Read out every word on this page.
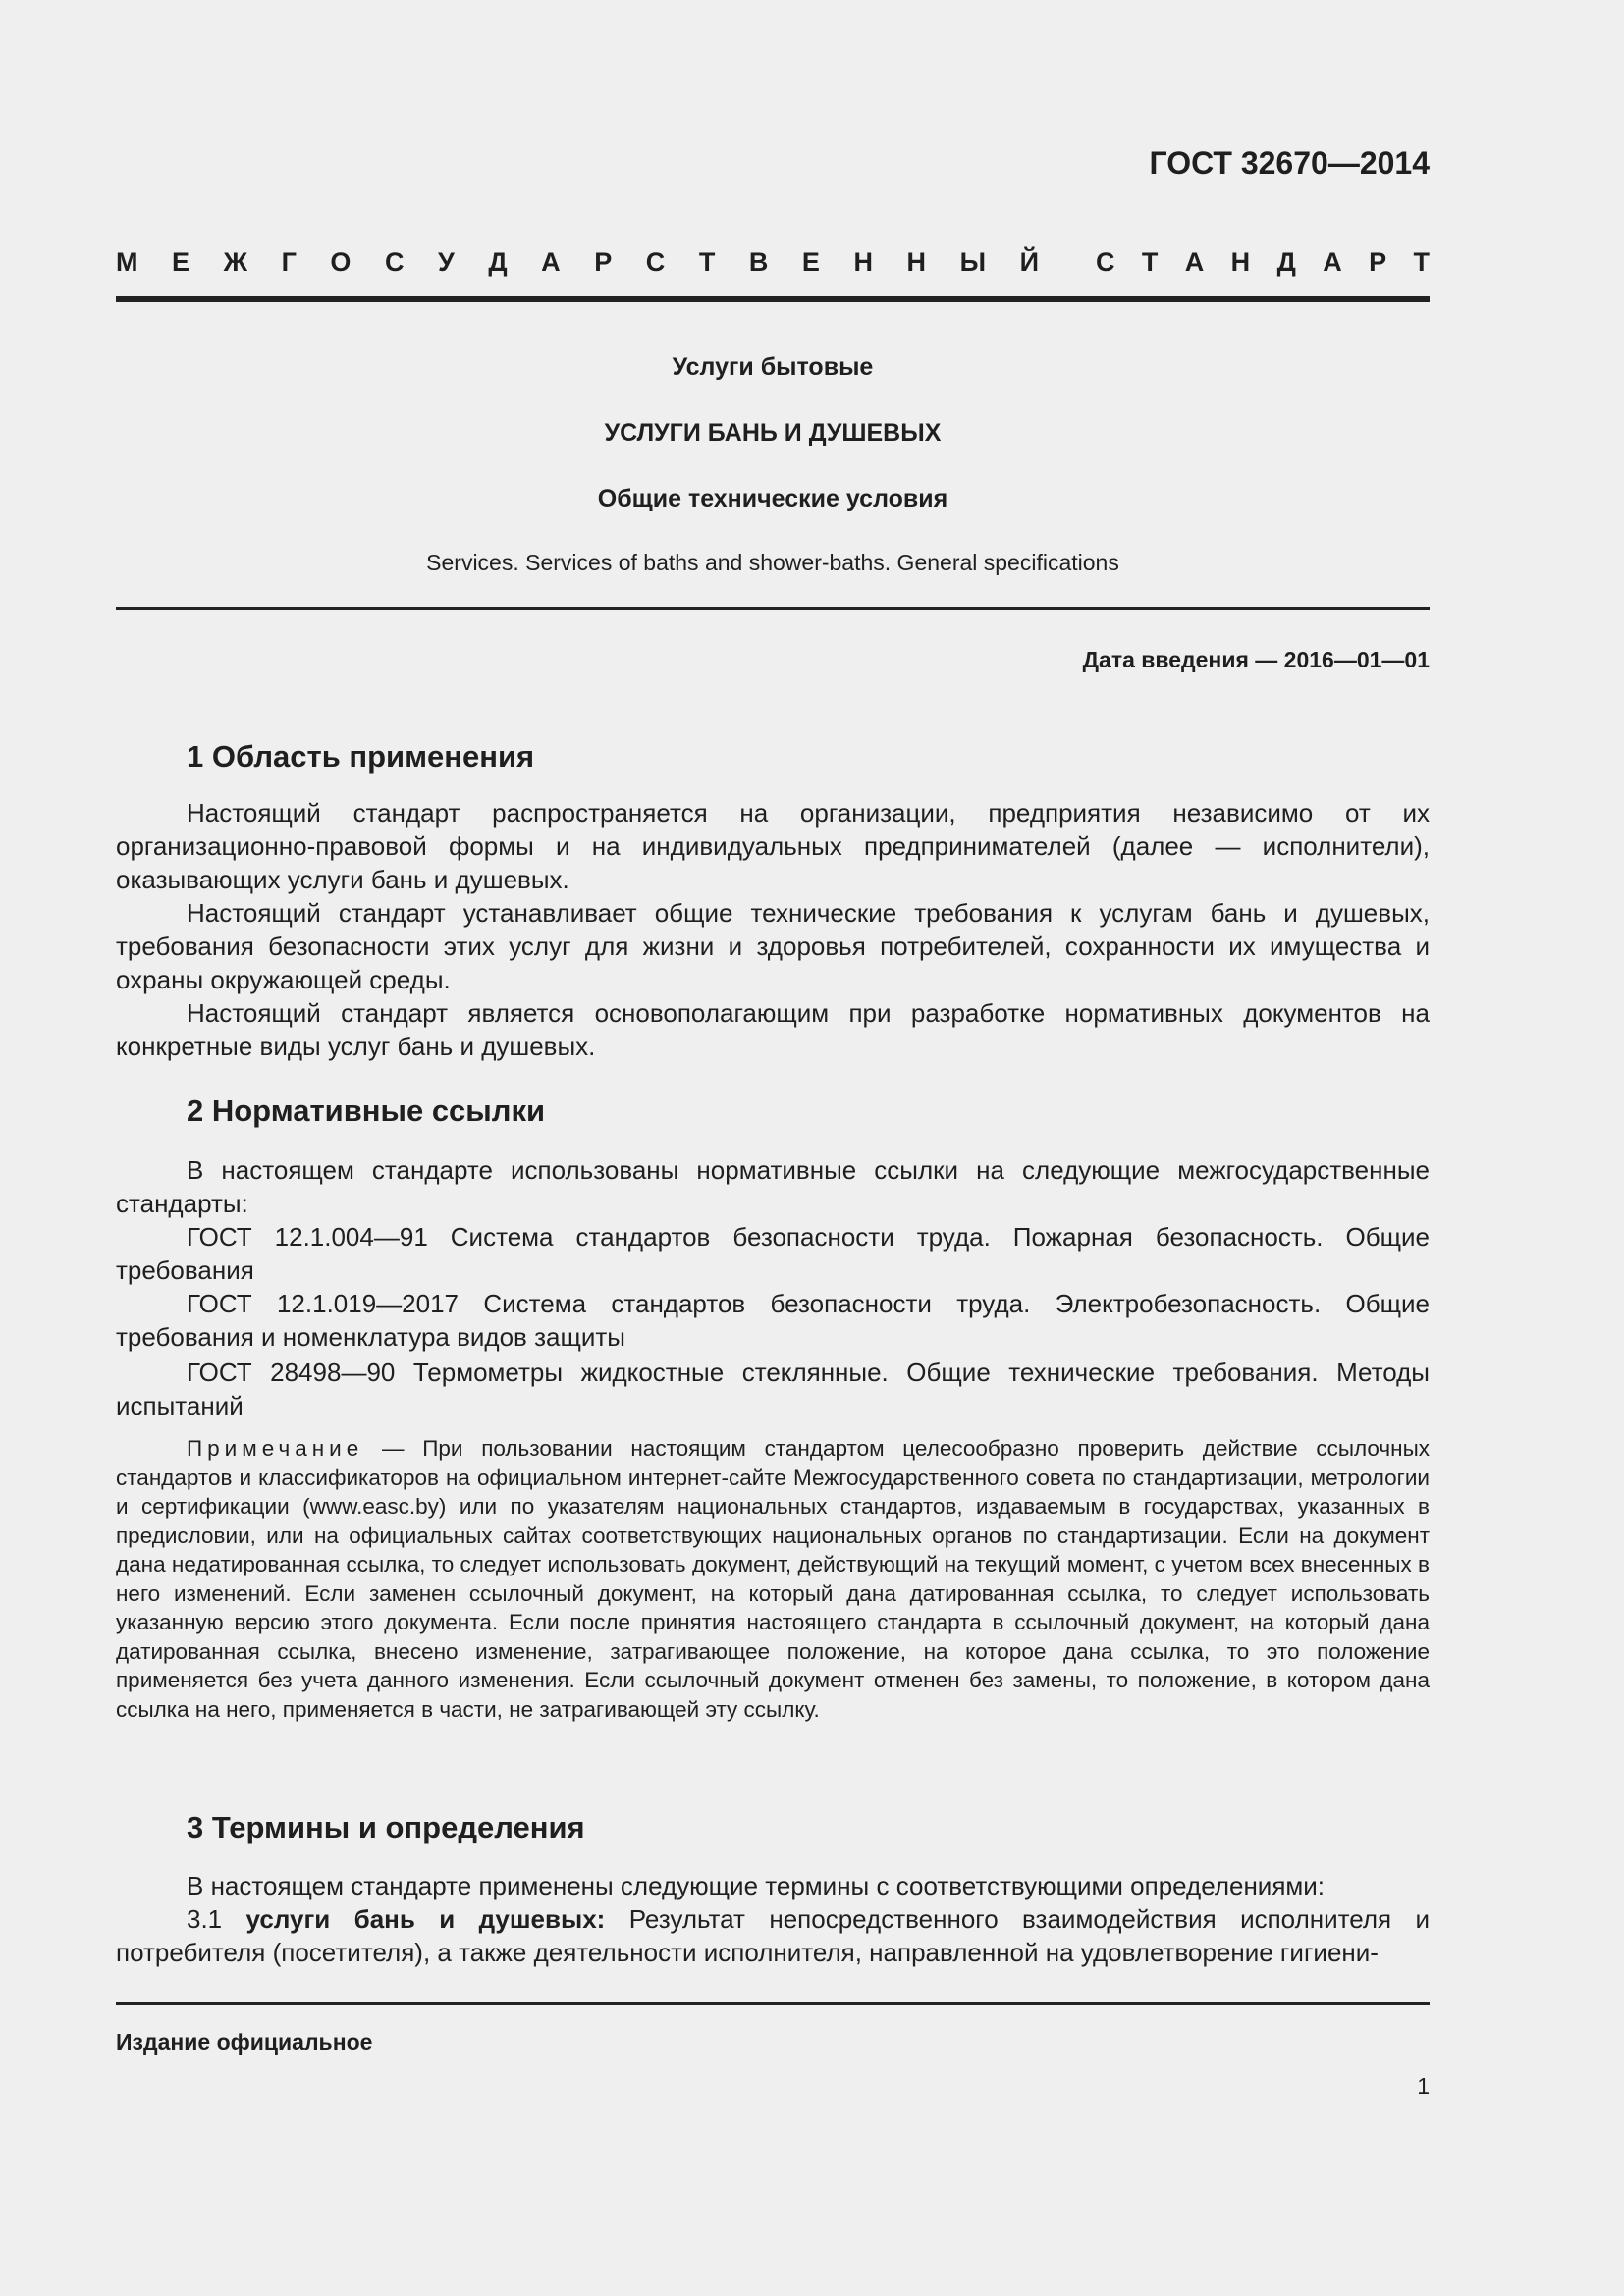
ГОСТ 32670—2014
М Е Ж Г О С У Д А Р С Т В Е Н Н Ы Й С Т А Н Д А Р Т
Услуги бытовые
УСЛУГИ БАНЬ И ДУШЕВЫХ
Общие технические условия
Services. Services of baths and shower-baths. General specifications
Дата введения — 2016—01—01
1 Область применения

Настоящий стандарт распространяется на организации, предприятия независимо от их организационно-правовой формы и на индивидуальных предпринимателей (далее — исполнители), оказывающих услуги бань и душевых.

Настоящий стандарт устанавливает общие технические требования к услугам бань и душевых, требования безопасности этих услуг для жизни и здоровья потребителей, сохранности их имущества и охраны окружающей среды.

Настоящий стандарт является основополагающим при разработке нормативных документов на конкретные виды услуг бань и душевых.

2 Нормативные ссылки

В настоящем стандарте использованы нормативные ссылки на следующие межгосударственные стандарты:

ГОСТ 12.1.004—91 Система стандартов безопасности труда. Пожарная безопасность. Общие требования

ГОСТ 12.1.019—2017 Система стандартов безопасности труда. Электробезопасность. Общие требования и номенклатура видов защиты

ГОСТ 28498—90 Термометры жидкостные стеклянные. Общие технические требования. Методы испытаний

Примечание — При пользовании настоящим стандартом целесообразно проверить действие ссылочных стандартов и классификаторов на официальном интернет-сайте Межгосударственного совета по стандартизации, метрологии и сертификации (www.easc.by) или по указателям национальных стандартов, издаваемым в государствах, указанных в предисловии, или на официальных сайтах соответствующих национальных органов по стандартизации. Если на документ дана недатированная ссылка, то следует использовать документ, действующий на текущий момент, с учетом всех внесенных в него изменений. Если заменен ссылочный документ, на который дана датированная ссылка, то следует использовать указанную версию этого документа. Если после принятия настоящего стандарта в ссылочный документ, на который дана датированная ссылка, внесено изменение, затрагивающее положение, на которое дана ссылка, то это положение применяется без учета данного изменения. Если ссылочный документ отменен без замены, то положение, в котором дана ссылка на него, применяется в части, не затрагивающей эту ссылку.

3 Термины и определения

В настоящем стандарте применены следующие термины с соответствующими определениями:

3.1 услуги бань и душевых: Результат непосредственного взаимодействия исполнителя и потребителя (посетителя), а также деятельности исполнителя, направленной на удовлетворение гигиени-

Издание официальное
1
